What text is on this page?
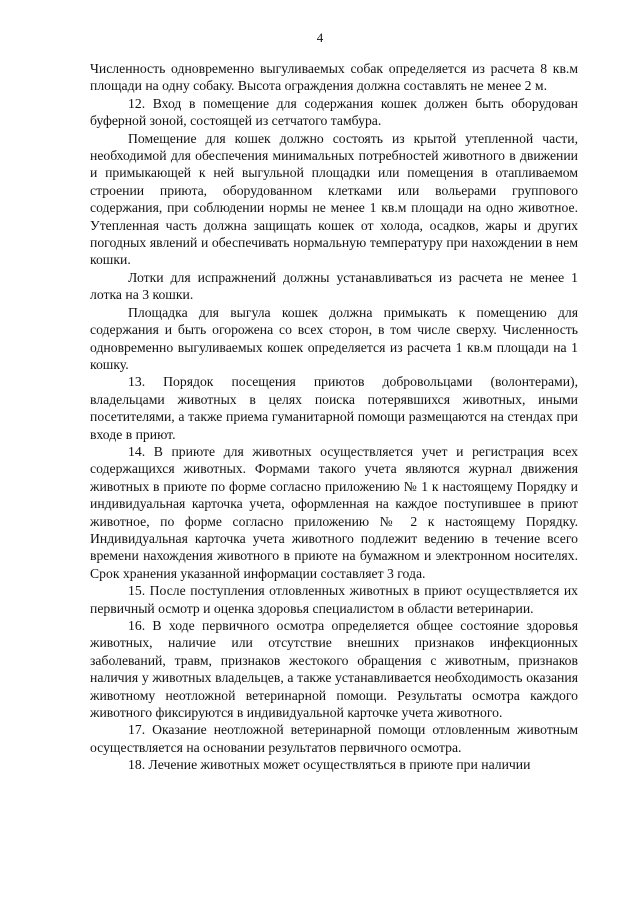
4

Численность одновременно выгуливаемых собак определяется из расчета 8 кв.м площади на одну собаку. Высота ограждения должна составлять не менее 2 м.

12. Вход в помещение для содержания кошек должен быть оборудован буферной зоной, состоящей из сетчатого тамбура.

Помещение для кошек должно состоять из крытой утепленной части, необходимой для обеспечения минимальных потребностей животного в движении и примыкающей к ней выгульной площадки или помещения в отапливаемом строении приюта, оборудованном клетками или вольерами группового содержания, при соблюдении нормы не менее 1 кв.м площади на одно животное. Утепленная часть должна защищать кошек от холода, осадков, жары и других погодных явлений и обеспечивать нормальную температуру при нахождении в нем кошки.

Лотки для испражнений должны устанавливаться из расчета не менее 1 лотка на 3 кошки.

Площадка для выгула кошек должна примыкать к помещению для содержания и быть огорожена со всех сторон, в том числе сверху. Численность одновременно выгуливаемых кошек определяется из расчета 1 кв.м площади на 1 кошку.

13. Порядок посещения приютов добровольцами (волонтерами), владельцами животных в целях поиска потерявшихся животных, иными посетителями, а также приема гуманитарной помощи размещаются на стендах при входе в приют.

14. В приюте для животных осуществляется учет и регистрация всех содержащихся животных. Формами такого учета являются журнал движения животных в приюте по форме согласно приложению № 1 к настоящему Порядку и индивидуальная карточка учета, оформленная на каждое поступившее в приют животное, по форме согласно приложению № 2 к настоящему Порядку. Индивидуальная карточка учета животного подлежит ведению в течение всего времени нахождения животного в приюте на бумажном и электронном носителях. Срок хранения указанной информации составляет 3 года.

15. После поступления отловленных животных в приют осуществляется их первичный осмотр и оценка здоровья специалистом в области ветеринарии.

16. В ходе первичного осмотра определяется общее состояние здоровья животных, наличие или отсутствие внешних признаков инфекционных заболеваний, травм, признаков жестокого обращения с животным, признаков наличия у животных владельцев, а также устанавливается необходимость оказания животному неотложной ветеринарной помощи. Результаты осмотра каждого животного фиксируются в индивидуальной карточке учета животного.

17. Оказание неотложной ветеринарной помощи отловленным животным осуществляется на основании результатов первичного осмотра.

18. Лечение животных может осуществляться в приюте при наличии
